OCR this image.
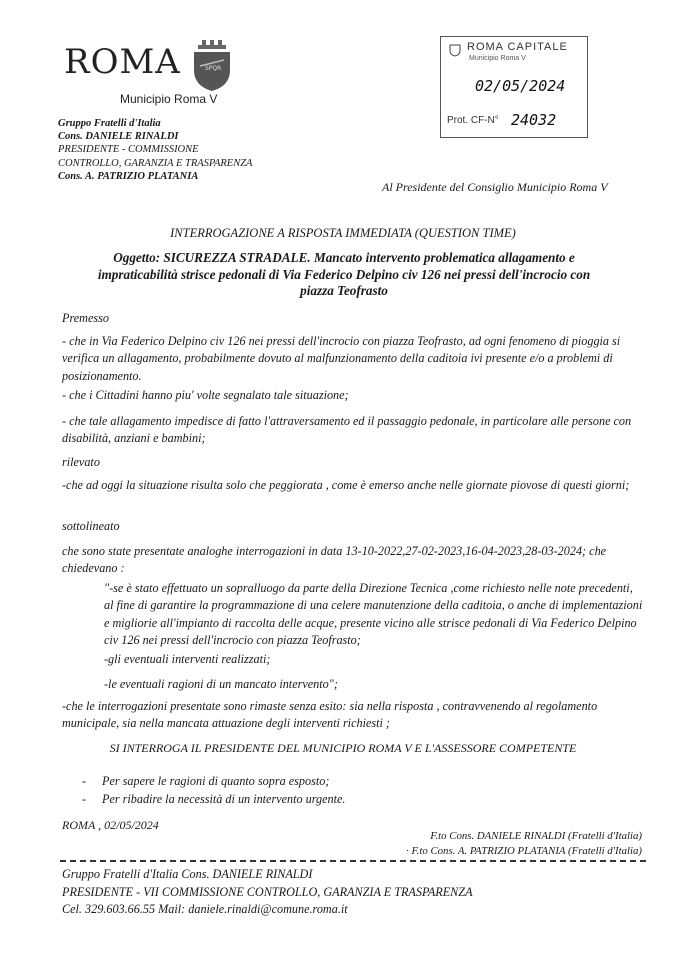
ROMA	SPQR
Municipio Roma V
ROMA CAPITALE
Municipio Roma V
02/05/2024
Prot. CF-N° 24032
Gruppo Fratelli d'Italia
Cons. DANIELE RINALDI
PRESIDENTE - COMMISSIONE
CONTROLLO, GARANZIA E TRASPARENZA
Cons. A. PATRIZIO PLATANIA
Al Presidente del Consiglio Municipio Roma V
INTERROGAZIONE A RISPOSTA IMMEDIATA (QUESTION TIME)
Oggetto: SICUREZZA STRADALE. Mancato intervento problematica allagamento e
impraticabilità strisce pedonali di Via Federico Delpino civ 126 nei pressi dell'incrocio con
piazza Teofrasto
Premesso
- che in Via Federico Delpino civ 126 nei pressi dell'incrocio con piazza Teofrasto, ad ogni fenomeno di pioggia si verifica un allagamento, probabilmente dovuto al malfunzionamento della caditoia ivi presente e/o a problemi di posizionamento.
- che i Cittadini hanno piu' volte segnalato tale situazione;
- che tale allagamento impedisce di fatto l'attraversamento ed il passaggio pedonale, in particolare alle persone con disabilità, anziani e bambini;
rilevato
-che ad oggi la situazione risulta solo che peggiorata , come è emerso anche nelle giornate piovose di questi giorni;
sottolineato
che sono state presentate analoghe interrogazioni in data 13-10-2022,27-02-2023,16-04-2023,28-03-2024; che chiedevano :
"-se è stato effettuato un sopralluogo da parte della Direzione Tecnica ,come richiesto nelle note precedenti, al fine di garantire la programmazione di una celere manutenzione della caditoia, o anche di implementazioni e migliorie all'impianto di raccolta delle acque, presente vicino alle strisce pedonali di Via Federico Delpino civ 126 nei pressi dell'incrocio con piazza Teofrasto;
-gli eventuali interventi realizzati;
-le eventuali ragioni di un mancato intervento";
-che le interrogazioni presentate sono rimaste senza esito: sia nella risposta , contravvenendo al regolamento municipale, sia nella mancata attuazione degli interventi richiesti ;
SI INTERROGA IL PRESIDENTE DEL MUNICIPIO ROMA V E L'ASSESSORE COMPETENTE
- Per sapere le ragioni di quanto sopra esposto;
- Per ribadire la necessità di un intervento urgente.
ROMA , 02/05/2024
F.to Cons. DANIELE RINALDI (Fratelli d'Italia)
· F.to Cons. A. PATRIZIO PLATANIA (Fratelli d'Italia)
Gruppo Fratelli d'Italia Cons. DANIELE RINALDI
PRESIDENTE - VII COMMISSIONE CONTROLLO, GARANZIA E TRASPARENZA
Cel. 329.603.66.55 Mail: daniele.rinaldi@comune.roma.it
